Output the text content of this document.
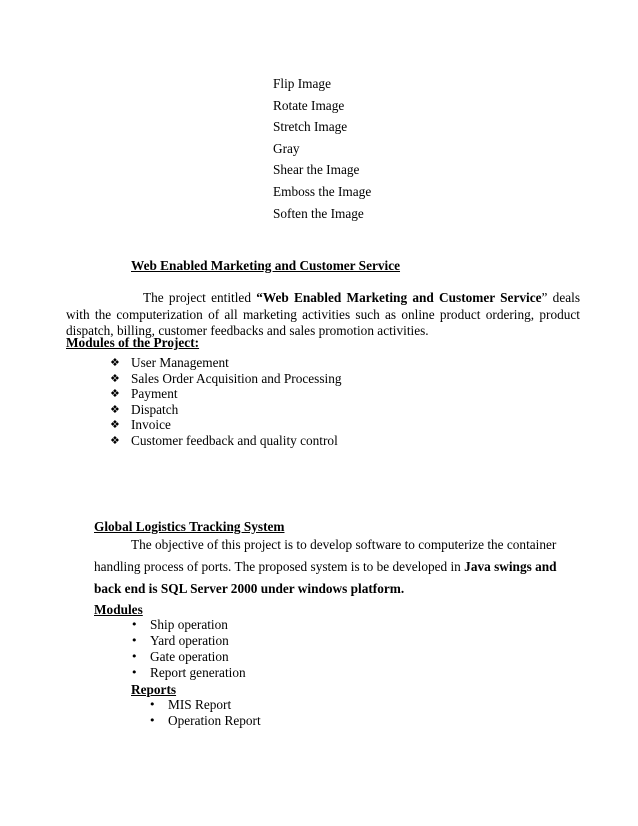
Flip Image
Rotate Image
Stretch Image
Gray
Shear the Image
Emboss the Image
Soften the Image
Web Enabled Marketing and Customer Service

The project entitled “Web Enabled Marketing and Customer Service” deals with the computerization of all marketing activities such as online product ordering, product dispatch, billing, customer feedbacks and sales promotion activities.

Modules of the Project:
❖ User Management
❖ Sales Order Acquisition and Processing
❖ Payment
❖ Dispatch
❖ Invoice
❖ Customer feedback and quality control
Global Logistics Tracking System
The objective of this project is to develop software to computerize the container
handling process of ports. The proposed system is to be developed in Java swings and
back end is SQL Server 2000 under windows platform.
Modules
• Ship operation
• Yard operation
• Gate operation
• Report generation
Reports
• MIS Report
• Operation Report
